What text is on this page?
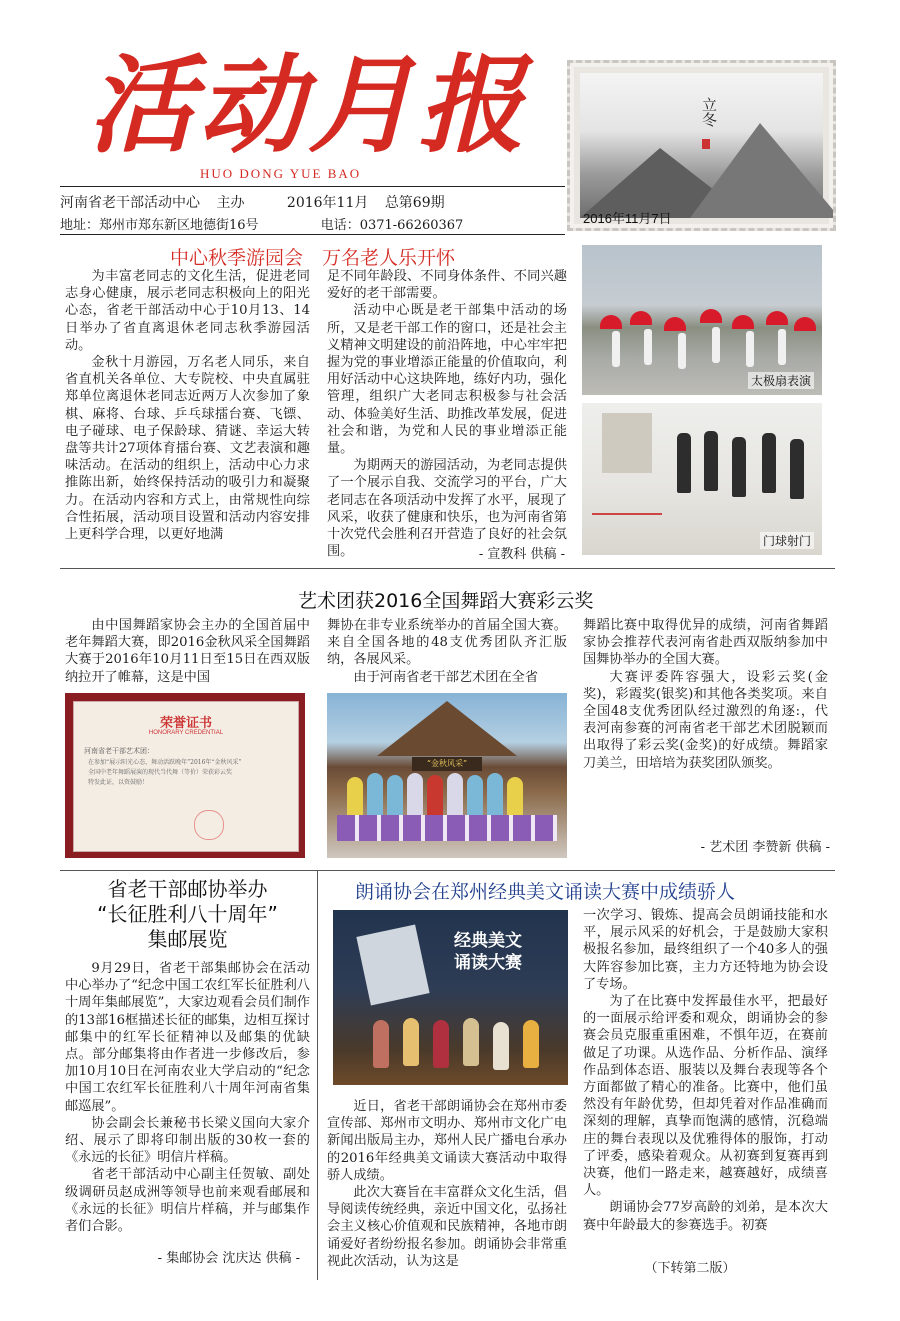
活动月报
HUO DONG YUE BAO
河南省老干部活动中心 主办	2016年11月 总第69期
地址：郑州市郑东新区地德街16号	电话：0371-66260367
立冬
2016年11月7日
中心秋季游园会　万名老人乐开怀

为丰富老同志的文化生活，促进老同志身心健康，展示老同志积极向上的阳光心态，省老干部活动中心于10月13、14日举办了省直离退休老同志秋季游园活动。

金秋十月游园，万名老人同乐，来自省直机关各单位、大专院校、中央直属驻郑单位离退休老同志近两万人次参加了象棋、麻将、台球、乒乓球擂台赛、飞镖、电子碰球、电子保龄球、猜谜、幸运大转盘等共计27项体育擂台赛、文艺表演和趣味活动。在活动的组织上，活动中心力求推陈出新，始终保持活动的吸引力和凝聚力。在活动内容和方式上，由常规性向综合性拓展，活动项目设置和活动内容安排上更科学合理，以更好地满

足不同年龄段、不同身体条件、不同兴趣爱好的老干部需要。

活动中心既是老干部集中活动的场所，又是老干部工作的窗口，还是社会主义精神文明建设的前沿阵地，中心牢牢把握为党的事业增添正能量的价值取向，利用好活动中心这块阵地，练好内功，强化管理，组织广大老同志积极参与社会活动、体验美好生活、助推改革发展，促进社会和谐，为党和人民的事业增添正能量。

为期两天的游园活动，为老同志提供了一个展示自我、交流学习的平台，广大老同志在各项活动中发挥了水平，展现了风采，收获了健康和快乐，也为河南省第十次党代会胜利召开营造了良好的社会氛围。	- 宣教科 供稿 -
太极扇表演
门球射门
艺术团获2016全国舞蹈大赛彩云奖

由中国舞蹈家协会主办的全国首届中老年舞蹈大赛，即2016金秋风采全国舞蹈大赛于2016年10月11日至15日在西双版纳拉开了帷幕，这是中国

舞协在非专业系统举办的首届全国大赛。来自全国各地的48支优秀团队齐汇版纳，各展风采。

由于河南省老干部艺术团在全省

舞蹈比赛中取得优异的成绩，河南省舞蹈家协会推荐代表河南省赴西双版纳参加中国舞协举办的全国大赛。

大赛评委阵容强大，设彩云奖(金奖)，彩霞奖(银奖)和其他各类奖项。来自全国48支优秀团队经过激烈的角逐:，代表河南参赛的河南省老干部艺术团脱颖而出取得了彩云奖(金奖)的好成绩。舞蹈家刀美兰，田培培为获奖团队颁奖。

- 艺术团 李赞新 供稿 -
荣誉证书
HONORARY CREDENTIAL
河南省老干部艺术团：
在参加“展示阳光心态，舞动活跃晚年”2016年“金秋风采”
全国中老年舞蹈展演的现代当代舞（等价）荣获彩云奖
特发此证，以资鼓励！
“金秋风采”
省老干部邮协举办
“长征胜利八十周年”
集邮展览

9月29日，省老干部集邮协会在活动中心举办了“纪念中国工农红军长征胜利八十周年集邮展览”，大家边观看会员们制作的13部16框描述长征的邮集，边相互探讨邮集中的红军长征精神以及邮集的优缺点。部分邮集将由作者进一步修改后，参加10月10日在河南农业大学启动的“纪念中国工农红军长征胜利八十周年河南省集邮巡展”。

协会副会长兼秘书长梁义国向大家介绍、展示了即将印制出版的30枚一套的《永远的长征》明信片样稿。

省老干部活动中心副主任贺敏、副处级调研员赵成洲等领导也前来观看邮展和《永远的长征》明信片样稿，并与邮集作者们合影。

- 集邮协会 沈庆达 供稿 -
朗诵协会在郑州经典美文诵读大赛中成绩骄人
经典美文
诵读大赛

近日，省老干部朗诵协会在郑州市委宣传部、郑州市文明办、郑州市文化广电新闻出版局主办，郑州人民广播电台承办的2016年经典美文诵读大赛活动中取得骄人成绩。

此次大赛旨在丰富群众文化生活，倡导阅读传统经典，亲近中国文化，弘扬社会主义核心价值观和民族精神，各地市朗诵爱好者纷纷报名参加。朗诵协会非常重视此次活动，认为这是

一次学习、锻炼、提高会员朗诵技能和水平，展示风采的好机会，于是鼓励大家积极报名参加，最终组织了一个40多人的强大阵容参加比赛，主力方还特地为协会设了专场。

为了在比赛中发挥最佳水平，把最好的一面展示给评委和观众，朗诵协会的参赛会员克服重重困难，不惧年迈，在赛前做足了功课。从选作品、分析作品、演绎作品到体态语、服装以及舞台表现等各个方面都做了精心的准备。比赛中，他们虽然没有年龄优势，但却凭着对作品准确而深刻的理解，真挚而饱满的感情，沉稳端庄的舞台表现以及优雅得体的服饰，打动了评委，感染着观众。从初赛到复赛再到决赛，他们一路走来，越赛越好，成绩喜人。

朗诵协会77岁高龄的刘弟，是本次大赛中年龄最大的参赛选手。初赛

（下转第二版）
